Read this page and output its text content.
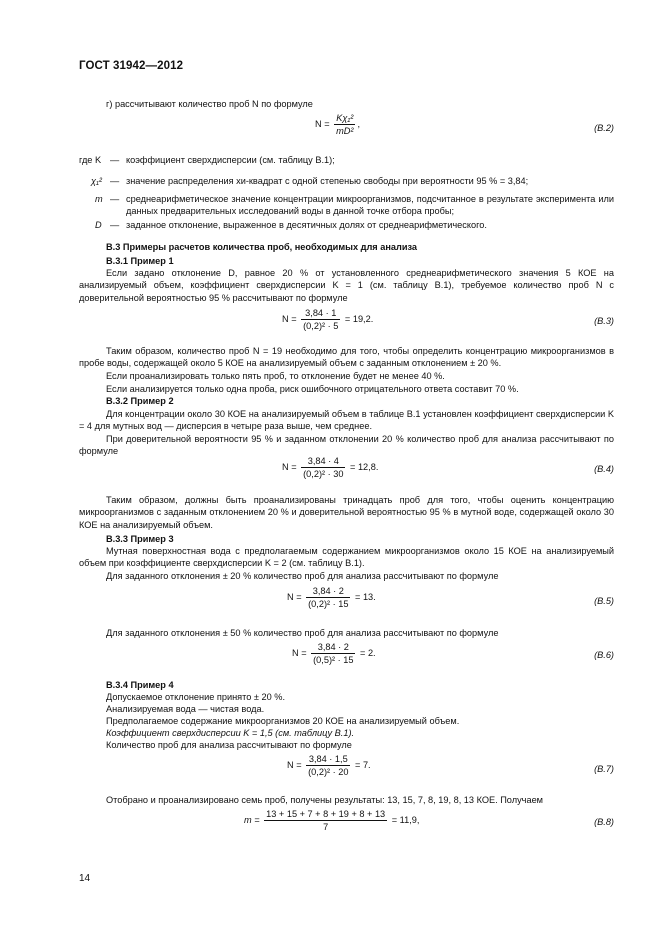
ГОСТ 31942—2012
г) рассчитывают количество проб N по формуле
$N = \frac{\text{Kχ₁²}}{\text{mD²}}$ ,	(B.2)
где K — коэффициент сверхдисперсии (см. таблицу В.1);
χ₁² — значение распределения хи-квадрат с одной степенью свободы при вероятности 95 % = 3,84;
m — среднеарифметическое значение концентрации микроорганизмов, подсчитанное в результате эксперимента или данных предварительных исследований воды в данной точке отбора пробы;
D — заданное отклонение, выраженное в десятичных долях от среднеарифметического.
В.3 Примеры расчетов количества проб, необходимых для анализа
В.3.1 Пример 1
Если задано отклонение D, равное 20 % от установленного среднеарифметического значения 5 КОЕ на анализируемый объем, коэффициент сверхдисперсии K = 1 (см. таблицу В.1), требуемое количество проб N с доверительной вероятностью 95 % рассчитывают по формуле
$N = \frac{3,84 \cdot 1}{\text{(0,2)² · 5}} = 19,2$.	(B.3)
Таким образом, количество проб N = 19 необходимо для того, чтобы определить концентрацию микроорганизмов в пробе воды, содержащей около 5 КОЕ на анализируемый объем с заданным отклонением ± 20 %.
Если проанализировать только пять проб, то отклонение будет не менее 40 %.
Если анализируется только одна проба, риск ошибочного отрицательного ответа составит 70 %.
В.3.2 Пример 2
Для концентрации около 30 КОЕ на анализируемый объем в таблице В.1 установлен коэффициент сверхдисперсии K = 4 для мутных вод — дисперсия в четыре раза выше, чем среднее.
При доверительной вероятности 95 % и заданном отклонении 20 % количество проб для анализа рассчитывают по формуле
$N = \frac{3,84 \cdot 4}{\text{(0,2)² · 30}} = 12,8$.	(B.4)
Таким образом, должны быть проанализированы тринадцать проб для того, чтобы оценить концентрацию микроорганизмов с заданным отклонением 20 % и доверительной вероятностью 95 % в мутной воде, содержащей около 30 КОЕ на анализируемый объем.
В.3.3 Пример 3
Мутная поверхностная вода с предполагаемым содержанием микроорганизмов около 15 КОЕ на анализируемый объем при коэффициенте сверхдисперсии K = 2 (см. таблицу В.1).
Для заданного отклонения ± 20 % количество проб для анализа рассчитывают по формуле
$N = \frac{3,84 \cdot 2}{\text{(0,2)² · 15}} = 13$.	(B.5)
Для заданного отклонения ± 50 % количество проб для анализа рассчитывают по формуле
$N = \frac{3,84 \cdot 2}{\text{(0,5)² · 15}} = 2$.	(B.6)
В.3.4 Пример 4
Допускаемое отклонение принято ± 20 %.
Анализируемая вода — чистая вода.
Предполагаемое содержание микроорганизмов 20 КОЕ на анализируемый объем.
Коэффициент сверхдисперсии K = 1,5 (см. таблицу В.1).
Количество проб для анализа рассчитывают по формуле
$N = \frac{3,84 \cdot 1,5}{\text{(0,2)² · 20}} = 7$.	(B.7)
Отобрано и проанализировано семь проб, получены результаты: 13, 15, 7, 8, 19, 8, 13 КОЕ. Получаем
$m = \frac{13 + 15 + 7 + 8 + 19 + 8 + 13}{7} = 11,9$,	(B.8)
14
